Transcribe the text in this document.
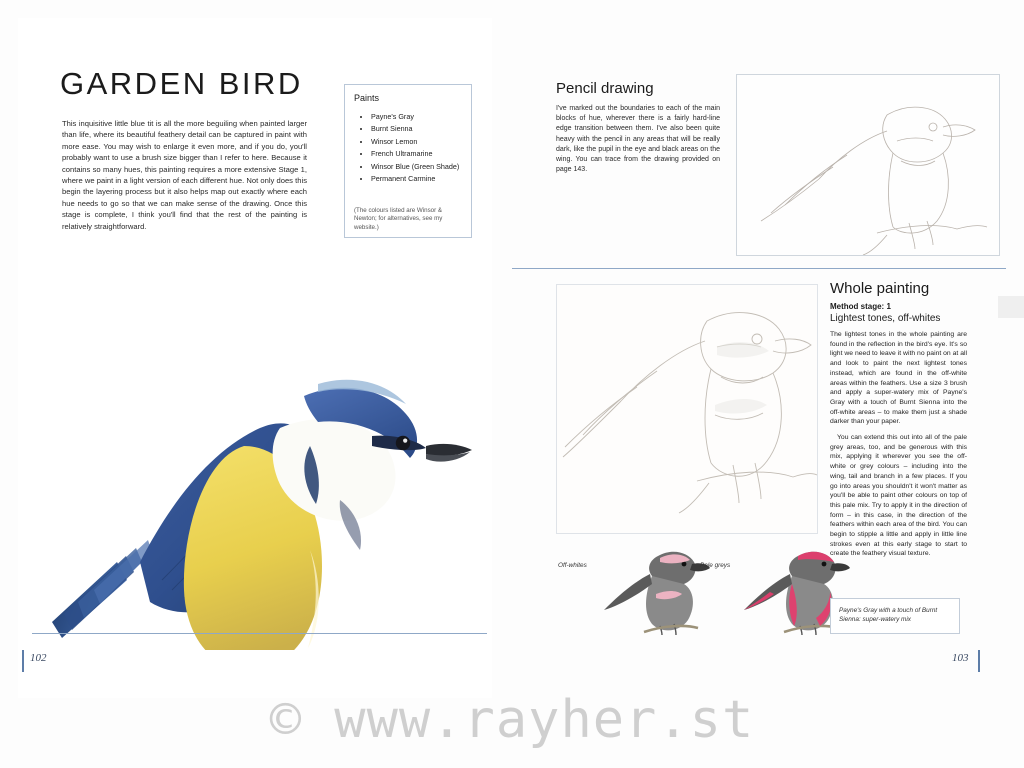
GARDEN BIRD
This inquisitive little blue tit is all the more beguiling when painted larger than life, where its beautiful feathery detail can be captured in paint with more ease. You may wish to enlarge it even more, and if you do, you'll probably want to use a brush size bigger than I refer to here. Because it contains so many hues, this painting requires a more extensive Stage 1, where we paint in a light version of each different hue. Not only does this begin the layering process but it also helps map out exactly where each hue needs to go so that we can make sense of the drawing. Once this stage is complete, I think you'll find that the rest of the painting is relatively straightforward.
Paints
• Payne's Gray
• Burnt Sienna
• Winsor Lemon
• French Ultramarine
• Winsor Blue (Green Shade)
• Permanent Carmine
(The colours listed are Winsor & Newton; for alternatives, see my website.)
102
Pencil drawing
I've marked out the boundaries to each of the main blocks of hue, wherever there is a fairly hard-line edge transition between them. I've also been quite heavy with the pencil in any areas that will be really dark, like the pupil in the eye and black areas on the wing. You can trace from the drawing provided on page 143.
Off-whites	Pale greys
Whole painting
Method stage: 1
Lightest tones, off-whites

The lightest tones in the whole painting are found in the reflection in the bird's eye. It's so light we need to leave it with no paint on at all and look to paint the next lightest tones instead, which are found in the off-white areas within the feathers. Use a size 3 brush and apply a super-watery mix of Payne's Gray with a touch of Burnt Sienna into the off-white areas – to make them just a shade darker than your paper.

You can extend this out into all of the pale grey areas, too, and be generous with this mix, applying it wherever you see the off-white or grey colours – including into the wing, tail and branch in a few places. If you go into areas you shouldn't it won't matter as you'll be able to paint other colours on top of this pale mix. Try to apply it in the direction of form – in this case, in the direction of the feathers within each area of the bird. You can begin to stipple a little and apply in little line strokes even at this early stage to start to create the feathery visual texture.

Payne's Gray with a touch of Burnt Sienna: super-watery mix
103
© www.rayher.st
